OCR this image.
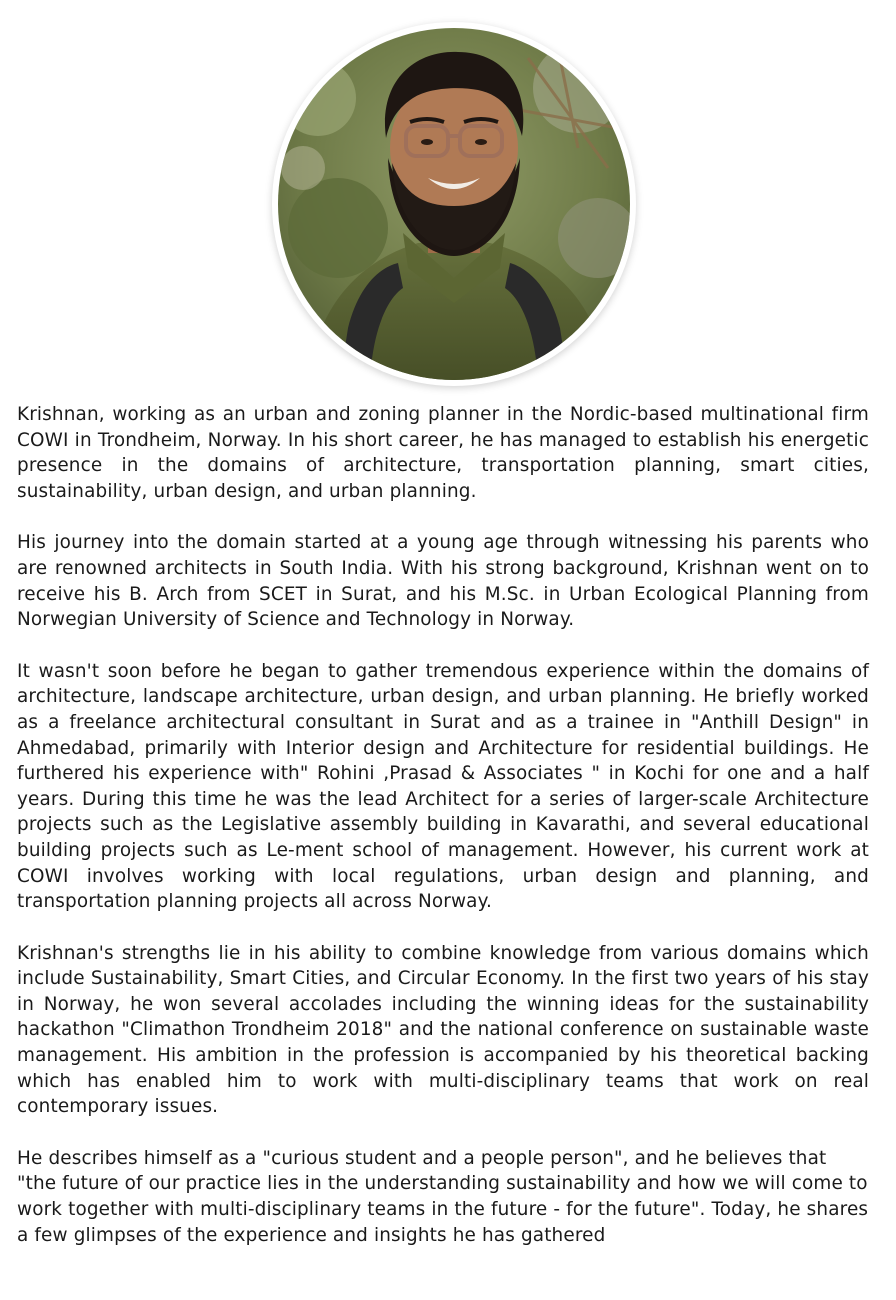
Krishnan, working as an urban and zoning planner in the Nordic-based multinational firm COWI in Trondheim, Norway. In his short career, he has managed to establish his energetic presence in the domains of architecture, transportation planning, smart cities, sustainability, urban design, and urban planning.

His journey into the domain started at a young age through witnessing his parents who are renowned architects in South India. With his strong background, Krishnan went on to receive his B. Arch from SCET in Surat, and his M.Sc. in Urban Ecological Planning from Norwegian University of Science and Technology in Norway.

It wasn't soon before he began to gather tremendous experience within the domains of architecture, landscape architecture, urban design, and urban planning. He briefly worked as a freelance architectural consultant in Surat and as a trainee in "Anthill Design" in Ahmedabad, primarily with Interior design and Architecture for residential buildings. He furthered his experience with" Rohini ,Prasad & Associates " in Kochi for one and a half years. During this time he was the lead Architect for a series of larger-scale Architecture projects such as the Legislative assembly building in Kavarathi, and several educational building projects such as Le-ment school of management. However, his current work at COWI involves working with local regulations, urban design and planning, and transportation planning projects all across Norway.

Krishnan's strengths lie in his ability to combine knowledge from various domains which include Sustainability, Smart Cities, and Circular Economy. In the first two years of his stay in Norway, he won several accolades including the winning ideas for the sustainability hackathon "Climathon Trondheim 2018" and the national conference on sustainable waste management. His ambition in the profession is accompanied by his theoretical backing which has enabled him to work with multi-disciplinary teams that work on real contemporary issues.

He describes himself as a "curious student and a people person", and he believes that "the future of our practice lies in the understanding sustainability and how we will come to work together with multi-disciplinary teams in the future - for the future". Today, he shares a few glimpses of the experience and insights he has gathered
